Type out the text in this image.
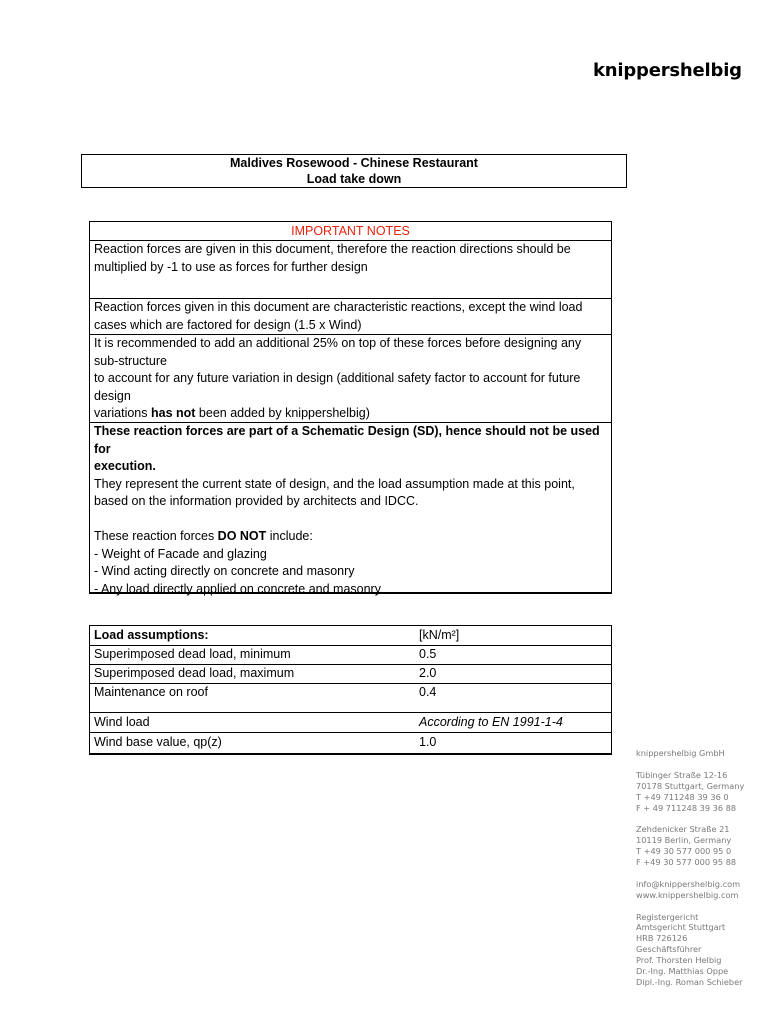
knippershelbig
Maldives Rosewood - Chinese Restaurant
Load take down
IMPORTANT NOTES
Reaction forces are given in this document, therefore the reaction directions should be
multiplied by -1 to use as forces for further design
Reaction forces given in this document are characteristic reactions, except the wind load
cases which are factored for design (1.5 x Wind)
It is recommended to add an additional 25% on top of these forces before designing any
sub-structure
to account for any future variation in design (additional safety factor to account for future
design
variations has not been added by knippershelbig)
These reaction forces are part of a Schematic Design (SD), hence should not be used for
execution.
They represent the current state of design, and the load assumption made at this point,
based on the information provided by architects and IDCC.
These reaction forces DO NOT include:
- Weight of Facade and glazing
- Wind acting directly on concrete and masonry
- Any load directly applied on concrete and masonry
Load assumptions:	[kN/m²]
Superimposed dead load, minimum	0.5
Superimposed dead load, maximum	2.0
Maintenance on roof	0.4
Wind load	According to EN 1991-1-4
Wind base value, qp(z)	1.0
knippershelbig GmbH
Tübinger Straße 12-16
70178 Stuttgart, Germany
T +49 711248 39 36 0
F + 49 711248 39 36 88
Zehdenicker Straße 21
10119 Berlin, Germany
T +49 30 577 000 95 0
F +49 30 577 000 95 88
info@knippershelbig.com
www.knippershelbig.com
Registergericht
Amtsgericht Stuttgart
HRB 726126
Geschäftsführer
Prof. Thorsten Helbig
Dr.-Ing. Matthias Oppe
Dipl.-Ing. Roman Schieber
